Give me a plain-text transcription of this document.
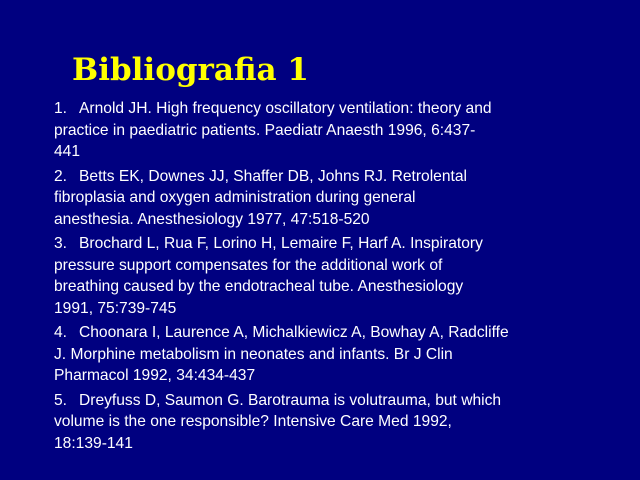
Bibliografia 1
1. Arnold JH. High frequency oscillatory ventilation: theory and
practice in paediatric patients. Paediatr Anaesth 1996, 6:437-
441
2. Betts EK, Downes JJ, Shaffer DB, Johns RJ. Retrolental
fibroplasia and oxygen administration during general
anesthesia. Anesthesiology 1977, 47:518-520
3. Brochard L, Rua F, Lorino H, Lemaire F, Harf A. Inspiratory
pressure support compensates for the additional work of
breathing caused by the endotracheal tube. Anesthesiology
1991, 75:739-745
4. Choonara I, Laurence A, Michalkiewicz A, Bowhay A, Radcliffe
J. Morphine metabolism in neonates and infants. Br J Clin
Pharmacol 1992, 34:434-437
5. Dreyfuss D, Saumon G. Barotrauma is volutrauma, but which
volume is the one responsible? Intensive Care Med 1992,
18:139-141
